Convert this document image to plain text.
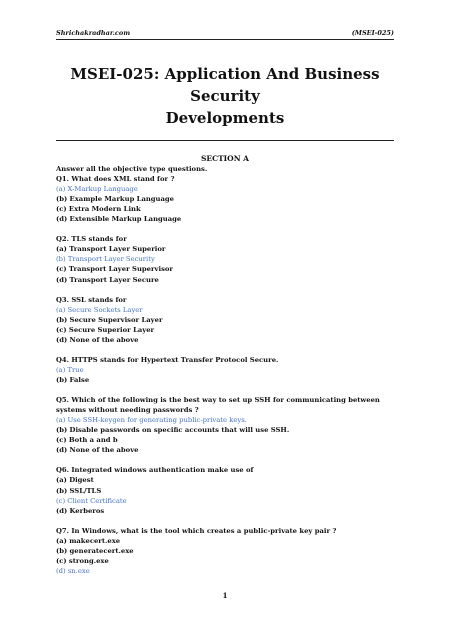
Shrichakradhar.com	(MSEI-025)
MSEI-025: Application And Business Security
Developments
SECTION A
Answer all the objective type questions.
Q1. What does XML stand for ?
(a) X-Markup Language
(b) Example Markup Language
(c) Extra Modern Link
(d) Extensible Markup Language
Q2. TLS stands for
(a) Transport Layer Superior
(b) Transport Layer Security
(c) Transport Layer Supervisor
(d) Transport Layer Secure
Q3. SSL stands for
(a) Secure Sockets Layer
(b) Secure Supervisor Layer
(c) Secure Superior Layer
(d) None of the above
Q4. HTTPS stands for Hypertext Transfer Protocol Secure.
(a) True
(b) False
Q5. Which of the following is the best way to set up SSH for communicating between systems without needing passwords ?
(a) Use SSH-keygen for generating public-private keys.
(b) Disable passwords on specific accounts that will use SSH.
(c) Both a and b
(d) None of the above
Q6. Integrated windows authentication make use of
(a) Digest
(b) SSL/TLS
(c) Client Certificate
(d) Kerberos
Q7. In Windows, what is the tool which creates a public-private key pair ?
(a) makecert.exe
(b) generatecert.exe
(c) strong.exe
(d) sn.exe
1
